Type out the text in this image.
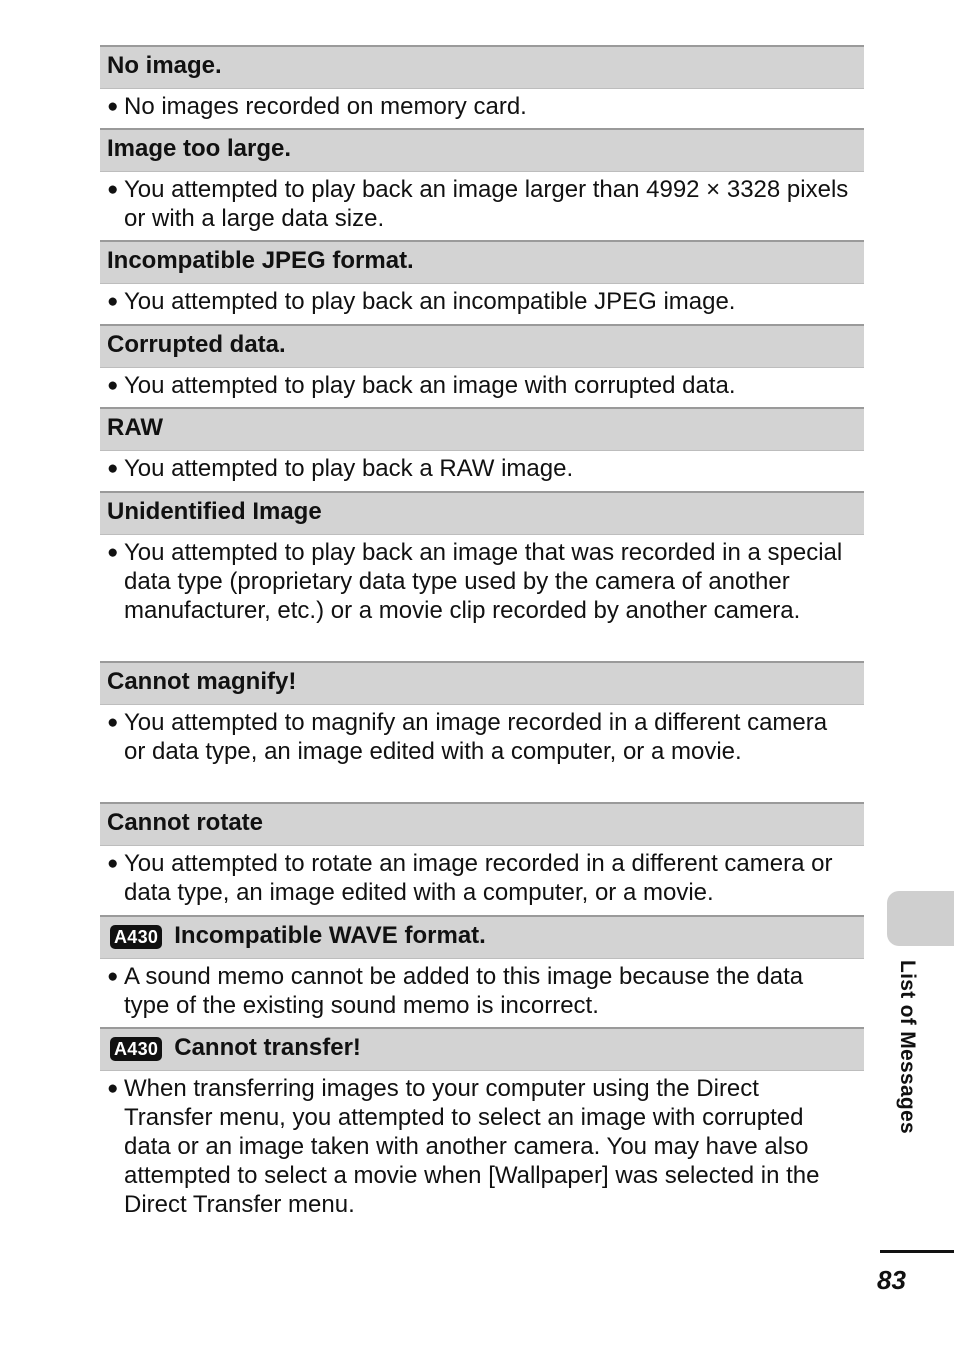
No image.
● No images recorded on memory card.
Image too large.
● You attempted to play back an image larger than 4992 × 3328 pixels or with a large data size.
Incompatible JPEG format.
● You attempted to play back an incompatible JPEG image.
Corrupted data.
● You attempted to play back an image with corrupted data.
RAW
● You attempted to play back a RAW image.
Unidentified Image
● You attempted to play back an image that was recorded in a special data type (proprietary data type used by the camera of another manufacturer, etc.) or a movie clip recorded by another camera.
Cannot magnify!
● You attempted to magnify an image recorded in a different camera or data type, an image edited with a computer, or a movie.
Cannot rotate
● You attempted to rotate an image recorded in a different camera or data type, an image edited with a computer, or a movie.
A430 Incompatible WAVE format.
● A sound memo cannot be added to this image because the data type of the existing sound memo is incorrect.
A430 Cannot transfer!
● When transferring images to your computer using the Direct Transfer menu, you attempted to select an image with corrupted data or an image taken with another camera. You may have also attempted to select a movie when [Wallpaper] was selected in the Direct Transfer menu.
List of Messages
83
